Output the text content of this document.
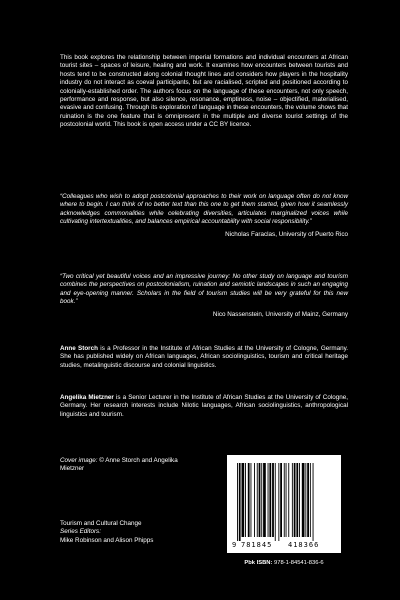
This book explores the relationship between imperial formations and individual encounters at African tourist sites – spaces of leisure, healing and work. It examines how encounters between tourists and hosts tend to be constructed along colonial thought lines and considers how players in the hospitality industry do not interact as coeval participants, but are racialised, scripted and positioned according to colonially-established order. The authors focus on the language of these encounters, not only speech, performance and response, but also silence, resonance, emptiness, noise – objectified, materialised, evasive and confusing. Through its exploration of language in these encounters, the volume shows that ruination is the one feature that is omnipresent in the multiple and diverse tourist settings of the postcolonial world. This book is open access under a CC BY licence.

“Colleagues who wish to adopt postcolonial approaches to their work on language often do not know where to begin. I can think of no better text than this one to get them started, given how it seamlessly acknowledges commonalities while celebrating diversities, articulates marginalized voices while cultivating intertextualities, and balances empirical accountability with social responsibility.”

Nicholas Faraclas, University of Puerto Rico

“Two critical yet beautiful voices and an impressive journey: No other study on language and tourism combines the perspectives on postcolonialism, ruination and semiotic landscapes in such an engaging and eye-opening manner. Scholars in the field of tourism studies will be very grateful for this new book.”

Nico Nassenstein, University of Mainz, Germany

Anne Storch is a Professor in the Institute of African Studies at the University of Cologne, Germany. She has published widely on African languages, African sociolinguistics, tourism and critical heritage studies, metalinguistic discourse and colonial linguistics.

Angelika Mietzner is a Senior Lecturer in the Institute of African Studies at the University of Cologne, Germany. Her research interests include Nilotic languages, African sociolinguistics, anthropological linguistics and tourism.

Cover image: © Anne Storch and Angelika Mietzner

Tourism and Cultural Change
Series Editors:
Mike Robinson and Alison Phipps
9 781845 418366

Pbk ISBN: 978-1-84541-836-6
